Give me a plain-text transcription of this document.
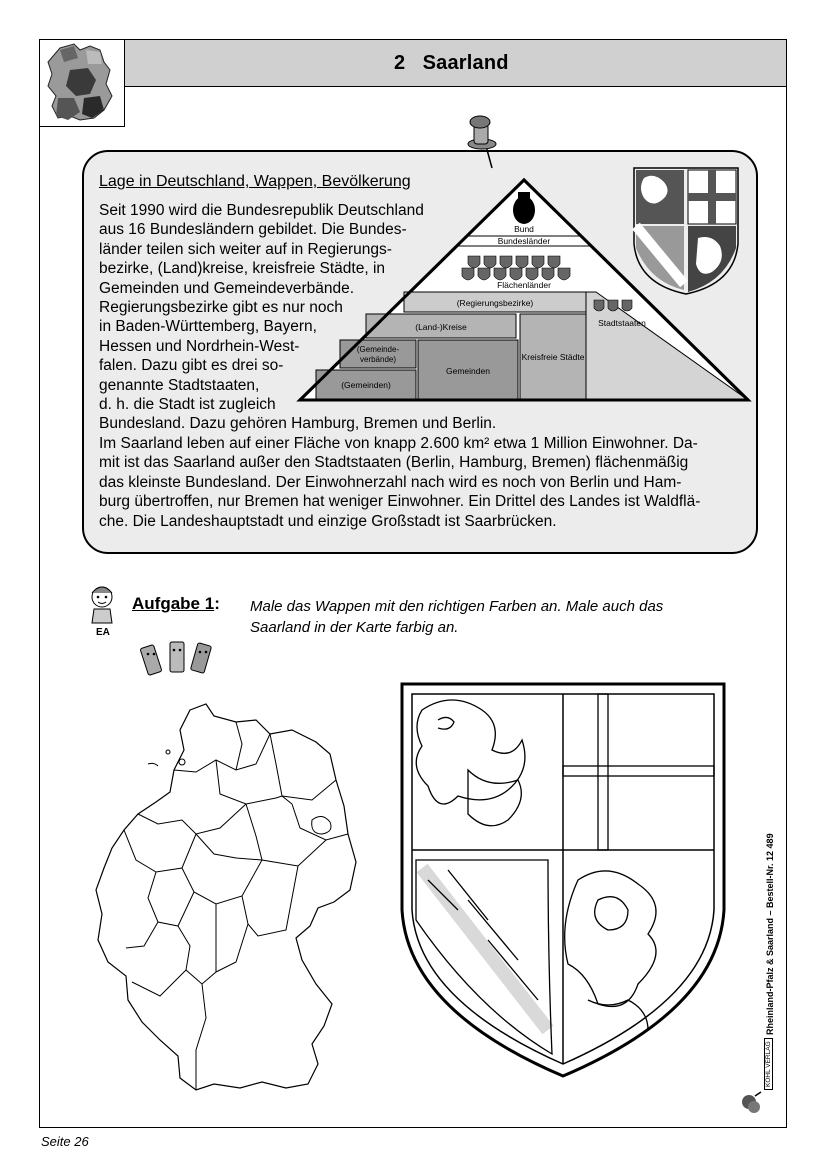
2 Saarland
Lage in Deutschland, Wappen, Bevölkerung
Bund
Bundesländer
Flächenländer
(Regierungsbezirke)
Stadtstaaten
(Land-)Kreise
(Gemeinde-
verbände)
(Gemeinden)
Gemeinden
Kreisfreie Städte
Seit 1990 wird die Bundesrepublik Deutschland
aus 16 Bundesländern gebildet. Die Bundes-
länder teilen sich weiter auf in Regierungs-
bezirke, (Land)kreise, kreisfreie Städte, in
Gemeinden und Gemeindeverbände.
Regierungsbezirke gibt es nur noch
in Baden-Württemberg, Bayern,
Hessen und Nordrhein-West-
falen. Dazu gibt es drei so-
genannte Stadtstaaten,
d. h. die Stadt ist zugleich
Bundesland. Dazu gehören Hamburg, Bremen und Berlin.
Im Saarland leben auf einer Fläche von knapp 2.600 km² etwa 1 Million Einwohner. Da-
mit ist das Saarland außer den Stadtstaaten (Berlin, Hamburg, Bremen) flächenmäßig
das kleinste Bundesland. Der Einwohnerzahl nach wird es noch von Berlin und Ham-
burg übertroffen, nur Bremen hat weniger Einwohner. Ein Drittel des Landes ist Waldflä-
che. Die Landeshauptstadt und einzige Großstadt ist Saarbrücken.
EA
Aufgabe 1: Male das Wappen mit den richtigen Farben an. Male auch das
Saarland in der Karte farbig an.
Rheinland-Pfalz & Saarland – Bestell-Nr. 12 489
KOHL VERLAG
Seite 26
